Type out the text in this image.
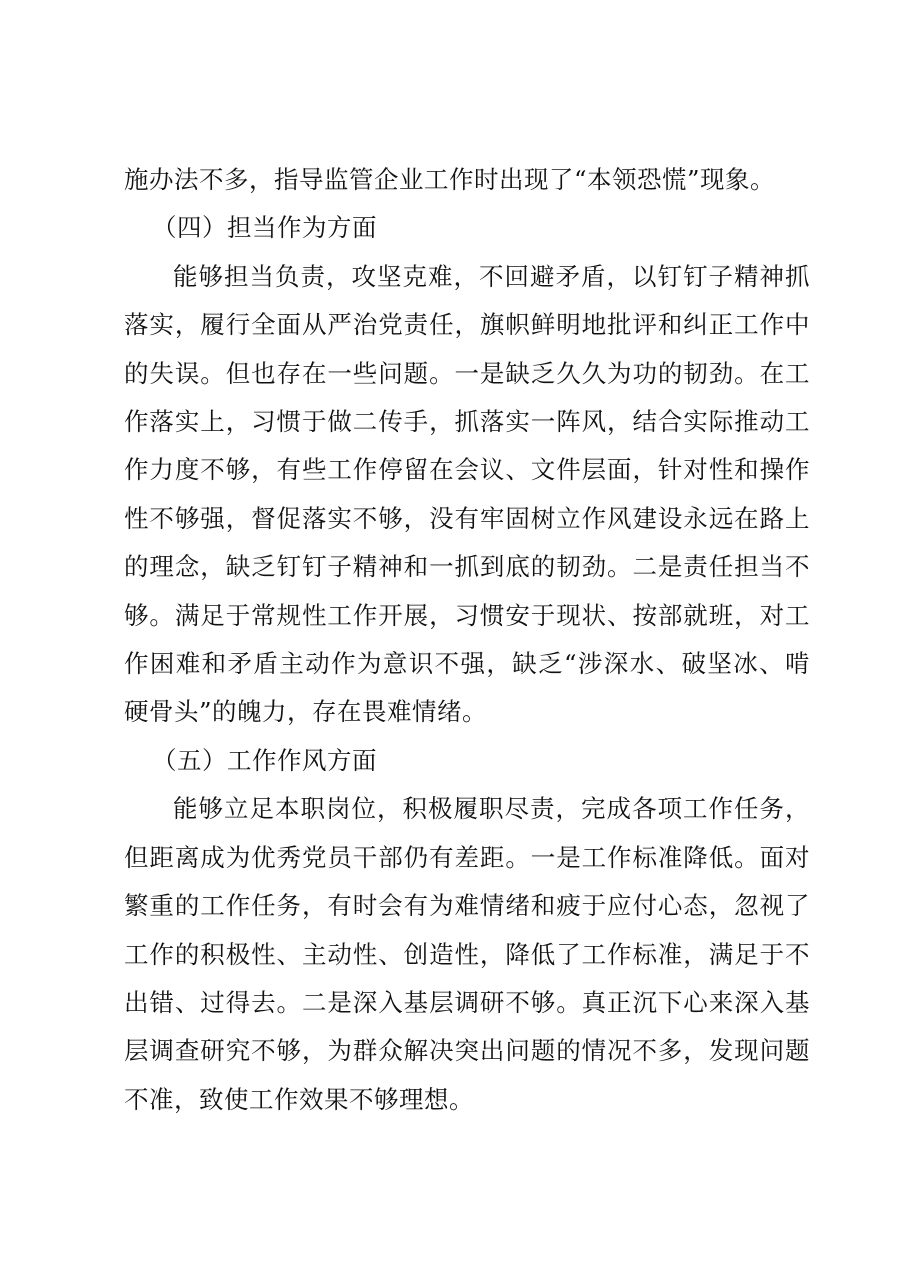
施办法不多，指导监管企业工作时出现了“本领恐慌”现象。

（四）担当作为方面

能够担当负责，攻坚克难，不回避矛盾，以钉钉子精神抓落实，履行全面从严治党责任，旗帜鲜明地批评和纠正工作中的失误。但也存在一些问题。一是缺乏久久为功的韧劲。在工作落实上，习惯于做二传手，抓落实一阵风，结合实际推动工作力度不够，有些工作停留在会议、文件层面，针对性和操作性不够强，督促落实不够，没有牢固树立作风建设永远在路上的理念，缺乏钉钉子精神和一抓到底的韧劲。二是责任担当不够。满足于常规性工作开展，习惯安于现状、按部就班，对工作困难和矛盾主动作为意识不强，缺乏“涉深水、破坚冰、啃硬骨头”的魄力，存在畏难情绪。

（五）工作作风方面

能够立足本职岗位，积极履职尽责，完成各项工作任务，但距离成为优秀党员干部仍有差距。一是工作标准降低。面对繁重的工作任务，有时会有为难情绪和疲于应付心态，忽视了工作的积极性、主动性、创造性，降低了工作标准，满足于不出错、过得去。二是深入基层调研不够。真正沉下心来深入基层调查研究不够，为群众解决突出问题的情况不多，发现问题不准，致使工作效果不够理想。
